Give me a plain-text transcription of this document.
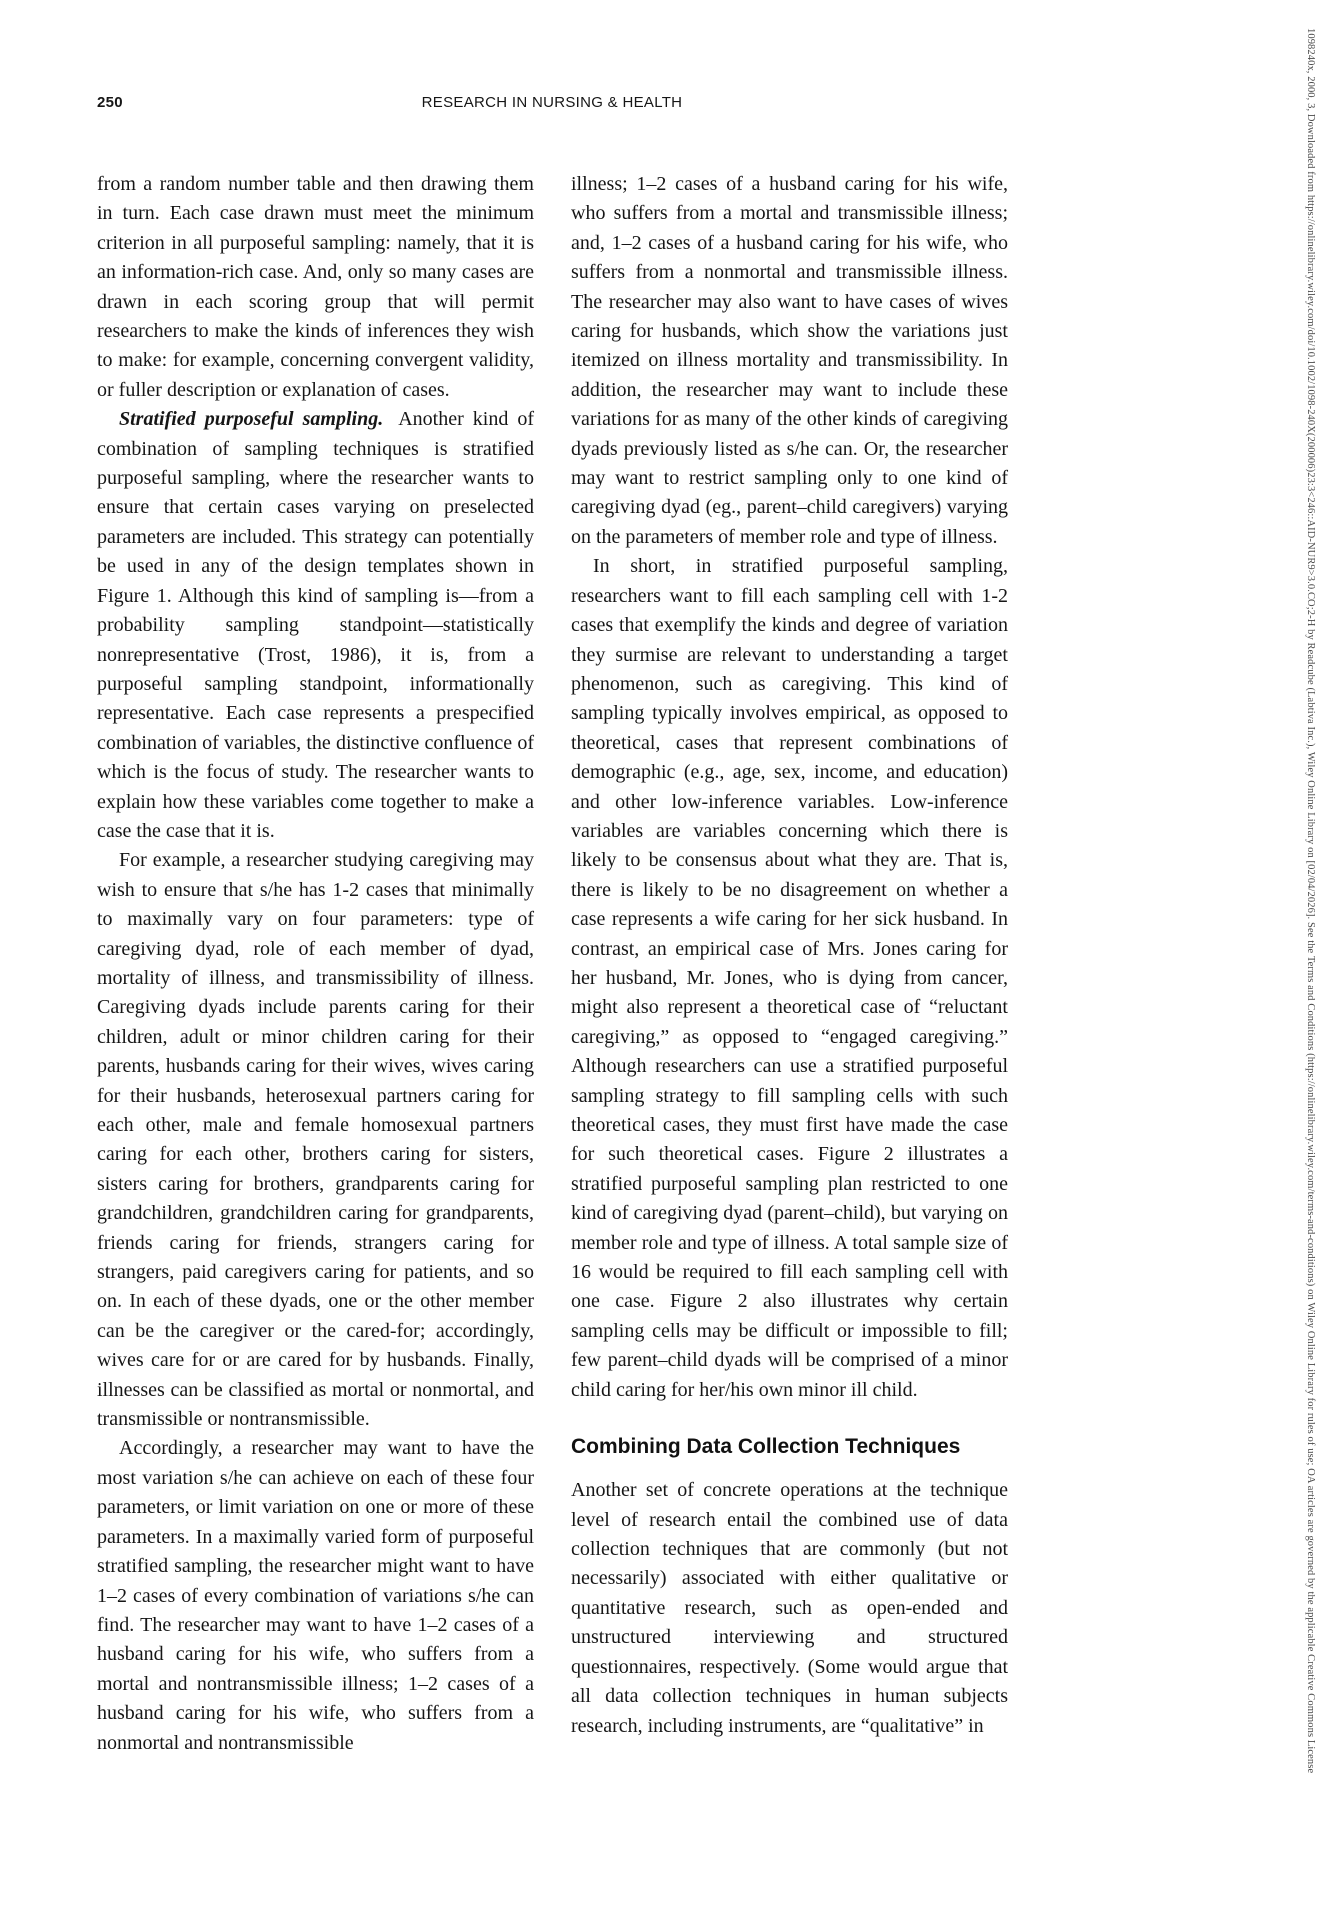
250	RESEARCH IN NURSING & HEALTH

from a random number table and then drawing them in turn. Each case drawn must meet the minimum criterion in all purposeful sampling: namely, that it is an information-rich case. And, only so many cases are drawn in each scoring group that will permit researchers to make the kinds of inferences they wish to make: for example, concerning convergent validity, or fuller description or explanation of cases.

Stratified purposeful sampling. Another kind of combination of sampling techniques is stratified purposeful sampling, where the researcher wants to ensure that certain cases varying on preselected parameters are included. This strategy can potentially be used in any of the design templates shown in Figure 1. Although this kind of sampling is—from a probability sampling standpoint—statistically nonrepresentative (Trost, 1986), it is, from a purposeful sampling standpoint, informationally representative. Each case represents a prespecified combination of variables, the distinctive confluence of which is the focus of study. The researcher wants to explain how these variables come together to make a case the case that it is.

For example, a researcher studying caregiving may wish to ensure that s/he has 1-2 cases that minimally to maximally vary on four parameters: type of caregiving dyad, role of each member of dyad, mortality of illness, and transmissibility of illness. Caregiving dyads include parents caring for their children, adult or minor children caring for their parents, husbands caring for their wives, wives caring for their husbands, heterosexual partners caring for each other, male and female homosexual partners caring for each other, brothers caring for sisters, sisters caring for brothers, grandparents caring for grandchildren, grandchildren caring for grandparents, friends caring for friends, strangers caring for strangers, paid caregivers caring for patients, and so on. In each of these dyads, one or the other member can be the caregiver or the cared-for; accordingly, wives care for or are cared for by husbands. Finally, illnesses can be classified as mortal or nonmortal, and transmissible or nontransmissible.

Accordingly, a researcher may want to have the most variation s/he can achieve on each of these four parameters, or limit variation on one or more of these parameters. In a maximally varied form of purposeful stratified sampling, the researcher might want to have 1–2 cases of every combination of variations s/he can find. The researcher may want to have 1–2 cases of a husband caring for his wife, who suffers from a mortal and nontransmissible illness; 1–2 cases of a husband caring for his wife, who suffers from a nonmortal and nontransmissible

illness; 1–2 cases of a husband caring for his wife, who suffers from a mortal and transmissible illness; and, 1–2 cases of a husband caring for his wife, who suffers from a nonmortal and transmissible illness. The researcher may also want to have cases of wives caring for husbands, which show the variations just itemized on illness mortality and transmissibility. In addition, the researcher may want to include these variations for as many of the other kinds of caregiving dyads previously listed as s/he can. Or, the researcher may want to restrict sampling only to one kind of caregiving dyad (eg., parent–child caregivers) varying on the parameters of member role and type of illness.

In short, in stratified purposeful sampling, researchers want to fill each sampling cell with 1-2 cases that exemplify the kinds and degree of variation they surmise are relevant to understanding a target phenomenon, such as caregiving. This kind of sampling typically involves empirical, as opposed to theoretical, cases that represent combinations of demographic (e.g., age, sex, income, and education) and other low-inference variables. Low-inference variables are variables concerning which there is likely to be consensus about what they are. That is, there is likely to be no disagreement on whether a case represents a wife caring for her sick husband. In contrast, an empirical case of Mrs. Jones caring for her husband, Mr. Jones, who is dying from cancer, might also represent a theoretical case of “reluctant caregiving,” as opposed to “engaged caregiving.” Although researchers can use a stratified purposeful sampling strategy to fill sampling cells with such theoretical cases, they must first have made the case for such theoretical cases. Figure 2 illustrates a stratified purposeful sampling plan restricted to one kind of caregiving dyad (parent–child), but varying on member role and type of illness. A total sample size of 16 would be required to fill each sampling cell with one case. Figure 2 also illustrates why certain sampling cells may be difficult or impossible to fill; few parent–child dyads will be comprised of a minor child caring for her/his own minor ill child.

Combining Data Collection Techniques

Another set of concrete operations at the technique level of research entail the combined use of data collection techniques that are commonly (but not necessarily) associated with either qualitative or quantitative research, such as open-ended and unstructured interviewing and structured questionnaires, respectively. (Some would argue that all data collection techniques in human subjects research, including instruments, are “qualitative” in	1098240x, 2000, 3, Downloaded from https://onlinelibrary.wiley.com/doi/10.1002/1098-240X(200006)23:3<246::AID-NUR9>3.0.CO;2-H by Readcube (Labtiva Inc.), Wiley Online Library on [02/04/2026]. See the Terms and Conditions (https://onlinelibrary.wiley.com/terms-and-conditions) on Wiley Online Library for rules of use; OA articles are governed by the applicable Creative Commons License
